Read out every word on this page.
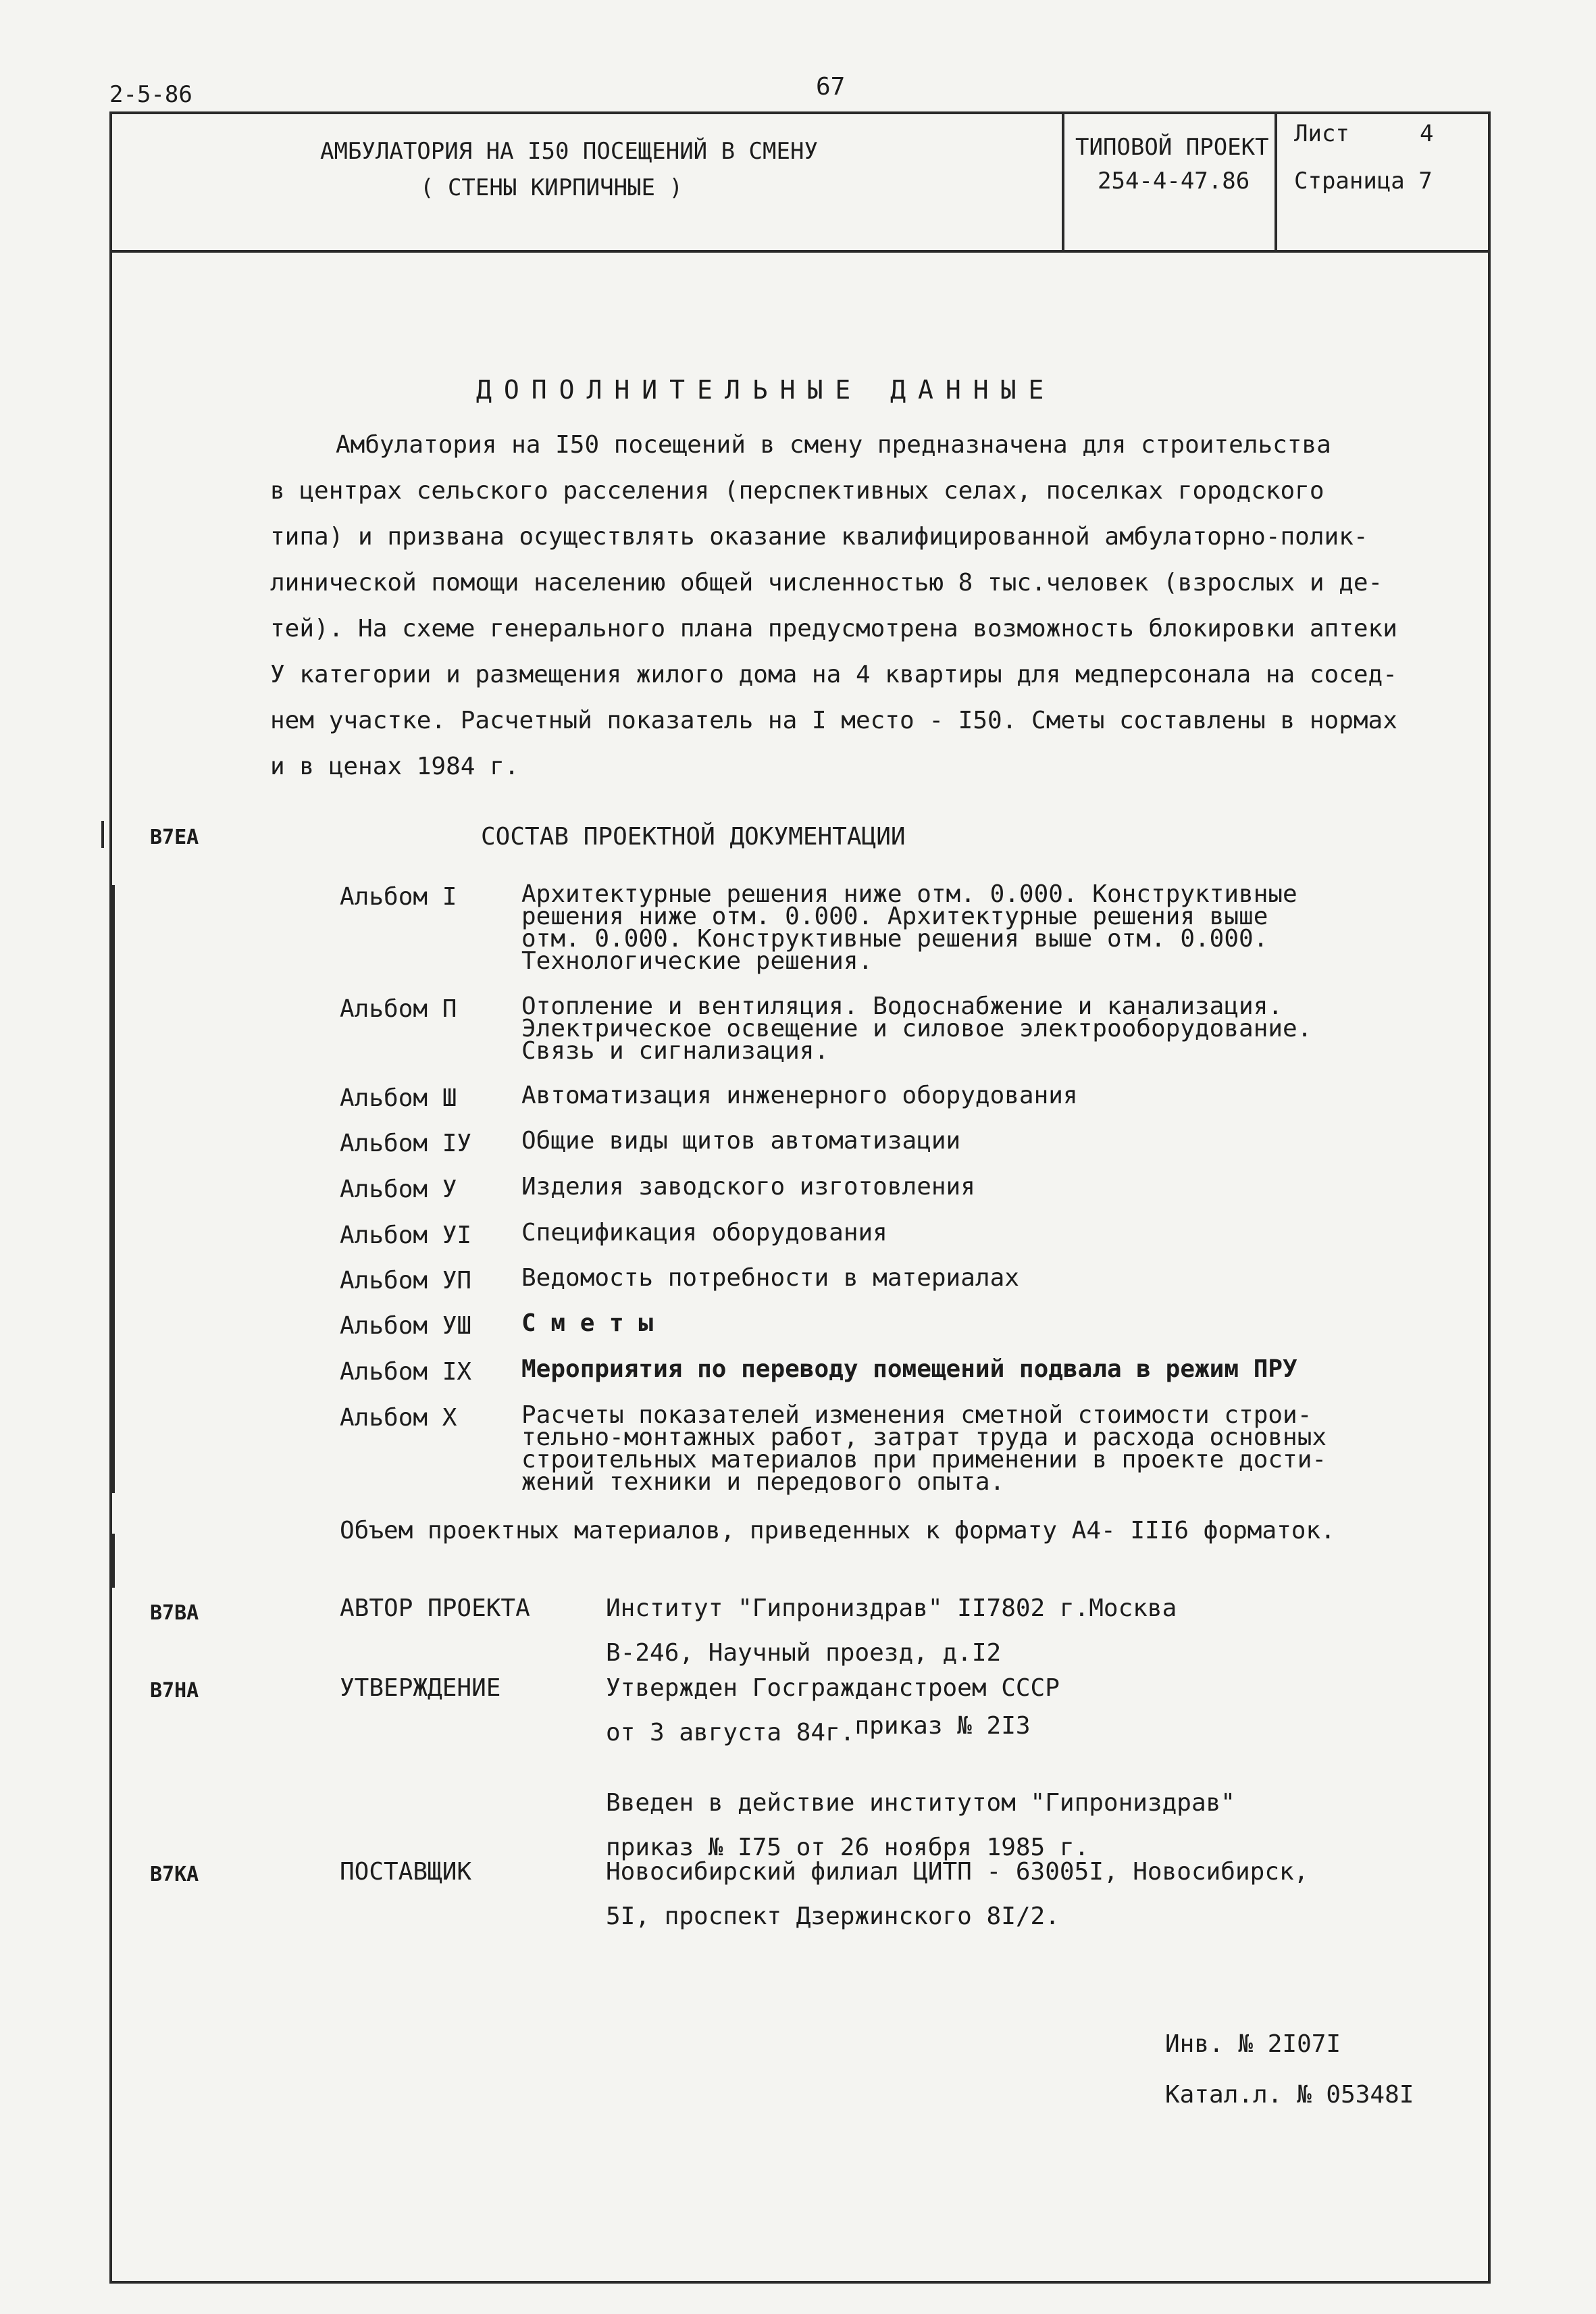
2-5-86	67
АМБУЛАТОРИЯ НА I50 ПОСЕЩЕНИЙ В СМЕНУ
( СТЕНЫ КИРПИЧНЫЕ )
ТИПОВОЙ ПРОЕКТ
254-4-47.86
Лист	4
Страница 7
ДОПОЛНИТЕЛЬНЫЕ ДАННЫЕ
Амбулатория на I50 посещений в смену предназначена для строительства
в центрах сельского расселения (перспективных селах, поселках городского
типа) и призвана осуществлять оказание квалифицированной амбулаторно-полик-
линической помощи населению общей численностью 8 тыс.человек (взрослых и де-
тей). На схеме генерального плана предусмотрена возможность блокировки аптеки
У категории и размещения жилого дома на 4 квартиры для медперсонала на сосед-
нем участке. Расчетный показатель на I место - I50. Сметы составлены в нормах
и в ценах 1984 г.
B7EA	СОСТАВ ПРОЕКТНОЙ ДОКУМЕНТАЦИИ
Альбом I	Архитектурные решения ниже отм. 0.000. Конструктивные
решения ниже отм. 0.000. Архитектурные решения выше
отм. 0.000. Конструктивные решения выше отм. 0.000.
Технологические решения.
Альбом П	Отопление и вентиляция. Водоснабжение и канализация.
Электрическое освещение и силовое электрооборудование.
Связь и сигнализация.
Альбом Ш	Автоматизация инженерного оборудования
Альбом IУ Общие виды щитов автоматизации
Альбом У	Изделия заводского изготовления
Альбом УI Спецификация оборудования
Альбом УП Ведомость потребности в материалах
Альбом УШ С м е т ы
Альбом IX Мероприятия по переводу помещений подвала в режим ПРУ
Альбом X	Расчеты показателей изменения сметной стоимости строи-
тельно-монтажных работ, затрат труда и расхода основных
строительных материалов при применении в проекте дости-
жений техники и передового опыта.
Объем проектных материалов, приведенных к формату А4- III6 форматок.
B7BA	АВТОР ПРОЕКТА	Институт "Гипрониздрав" II7802 г.Москва
В-246, Научный проезд, д.I2
B7HA	УТВЕРЖДЕНИЕ	Утвержден Госгражданстроем СССР
от 3 августа 84г.приказ № 2I3
Введен в действие институтом "Гипрониздрав"
приказ № I75 от 26 ноября 1985 г.
B7KA	ПОСТАВЩИК	Новосибирский филиал ЦИТП - 63005I, Новосибирск,
5I, проспект Дзержинского 8I/2.
Инв. № 2I07I
Катал.л. № 05348I
